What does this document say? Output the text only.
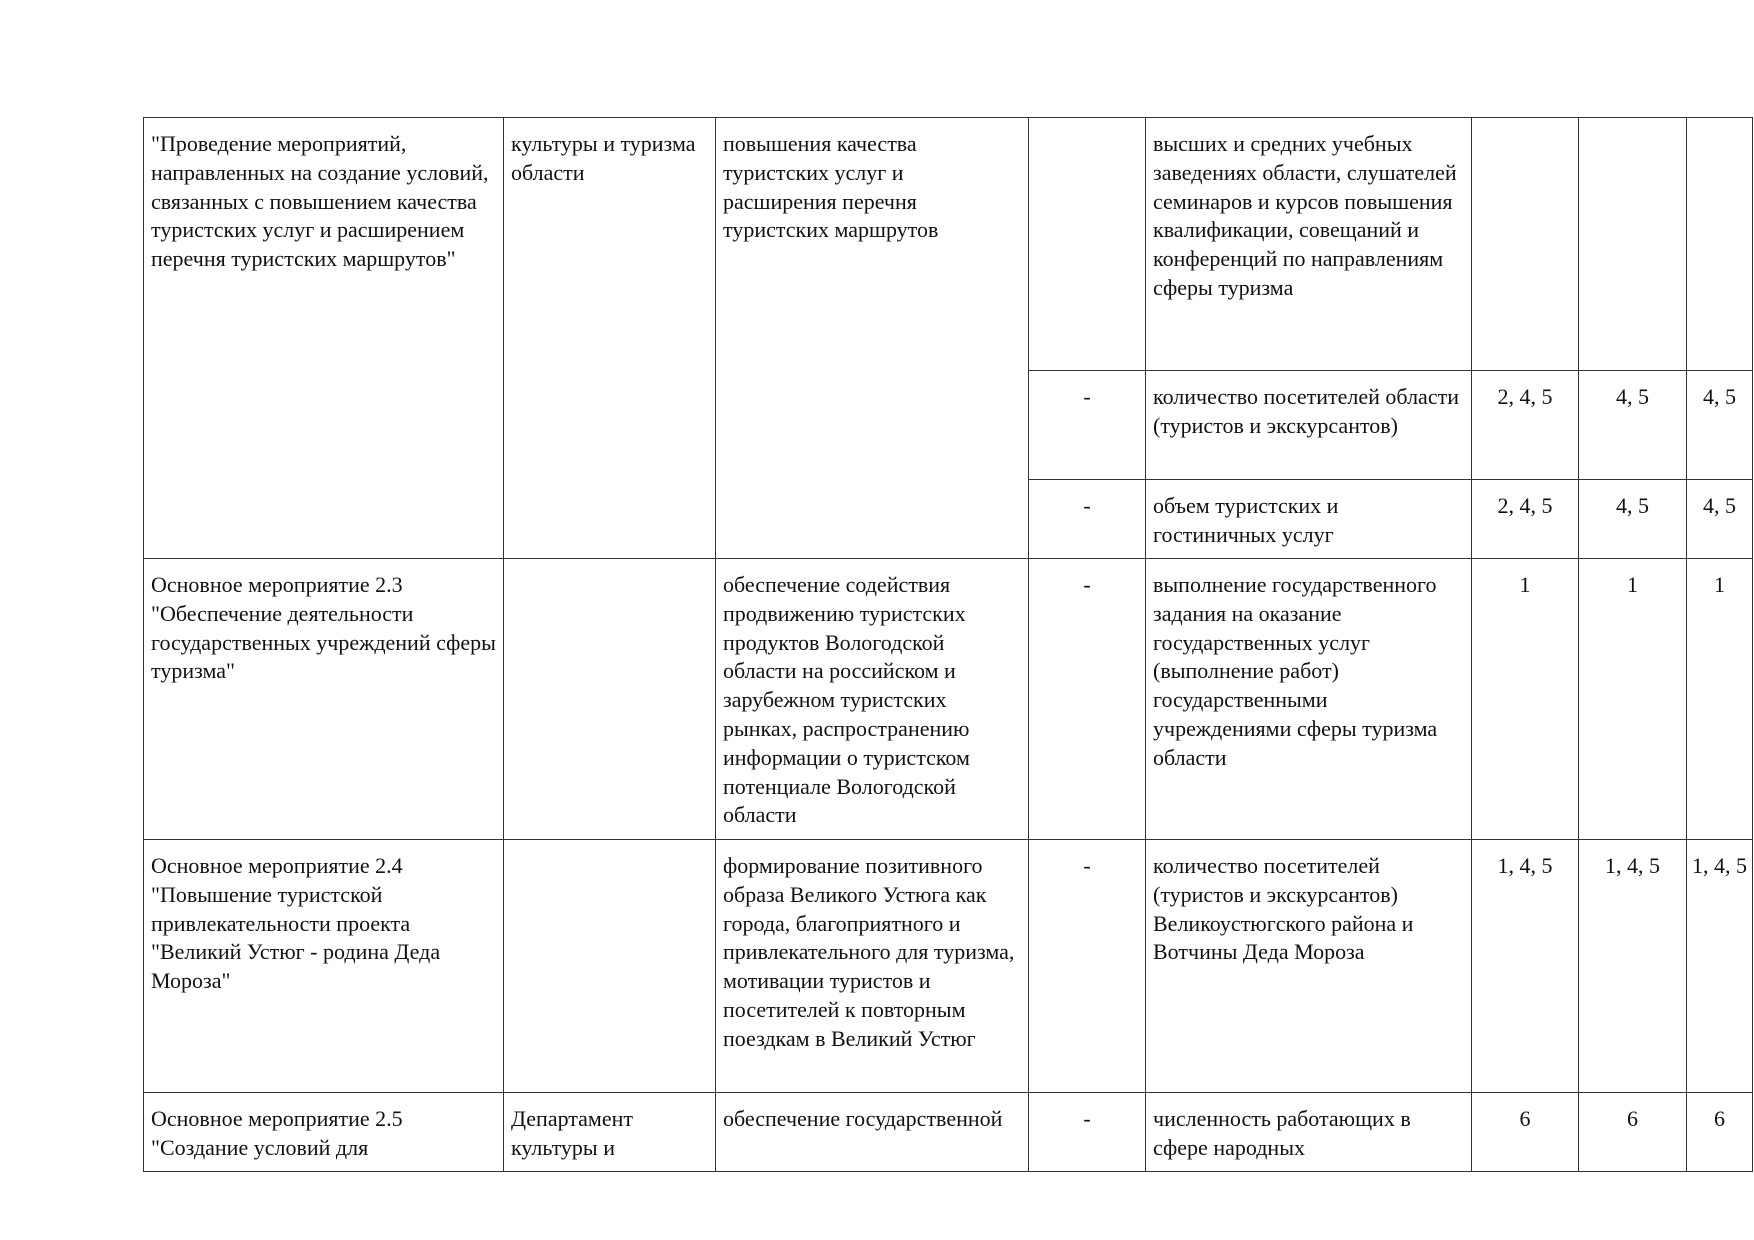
"Проведение мероприятий, направленных на создание условий, связанных с повышением качества туристских услуг и расширением перечня туристских маршрутов"	культуры и туризма области	повышения качества туристских услуг и расширения перечня туристских маршрутов		высших и средних учебных заведениях области, слушателей семинаров и курсов повышения квалификации, совещаний и конференций по направлениям сферы туризма			
			-	количество посетителей области (туристов и экскурсантов)	2, 4, 5	4, 5	4, 5
			-	объем туристских и гостиничных услуг	2, 4, 5	4, 5	4, 5
Основное мероприятие 2.3 "Обеспечение деятельности государственных учреждений сферы туризма"		обеспечение содействия продвижению туристских продуктов Вологодской области на российском и зарубежном туристских рынках, распространению информации о туристском потенциале Вологодской области	-	выполнение государственного задания на оказание государственных услуг (выполнение работ) государственными учреждениями сферы туризма области	1	1	1
Основное мероприятие 2.4 "Повышение туристской привлекательности проекта "Великий Устюг - родина Деда Мороза"		формирование позитивного образа Великого Устюга как города, благоприятного и привлекательного для туризма, мотивации туристов и посетителей к повторным поездкам в Великий Устюг	-	количество посетителей (туристов и экскурсантов) Великоустюгского района и Вотчины Деда Мороза	1, 4, 5	1, 4, 5	1, 4, 5
Основное мероприятие 2.5 "Создание условий для	Департамент культуры и	обеспечение государственной	-	численность работающих в сфере народных	6	6	6
